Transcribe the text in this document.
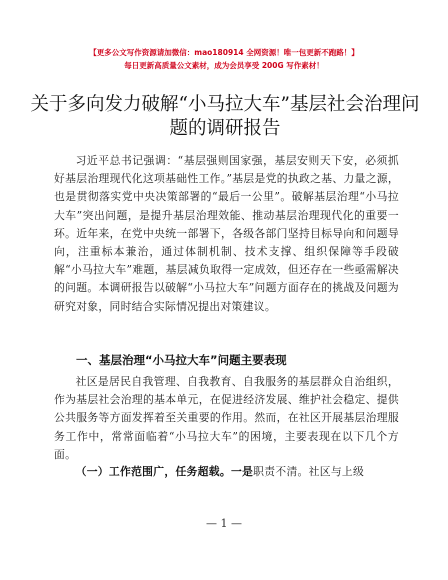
【更多公文写作资源请加微信：mao180914 全网资源！唯一包更新不跑路！】
每日更新高质量公文素材，成为会员享受 200G 写作素材！
关于多向发力破解“小马拉大车”基层社会治理问题的调研报告
习近平总书记强调：“基层强则国家强，基层安则天下安，必须抓好基层治理现代化这项基础性工作。”基层是党的执政之基、力量之源，也是贯彻落实党中央决策部署的“最后一公里”。破解基层治理“小马拉大车”突出问题，是提升基层治理效能、推动基层治理现代化的重要一环。近年来，在党中央统一部署下，各级各部门坚持目标导向和问题导向，注重标本兼治，通过体制机制、技术支撑、组织保障等手段破解“小马拉大车”难题，基层减负取得一定成效，但还存在一些亟需解决的问题。本调研报告以破解“小马拉大车”问题方面存在的挑战及问题为研究对象，同时结合实际情况提出对策建议。
一、基层治理“小马拉大车”问题主要表现
社区是居民自我管理、自我教育、自我服务的基层群众自治组织，作为基层社会治理的基本单元，在促进经济发展、维护社会稳定、提供公共服务等方面发挥着至关重要的作用。然而，在社区开展基层治理服务工作中，常常面临着“小马拉大车”的困境，主要表现在以下几个方面。
（一）工作范围广，任务超载。一是职责不清。社区与上级
— 1 —
